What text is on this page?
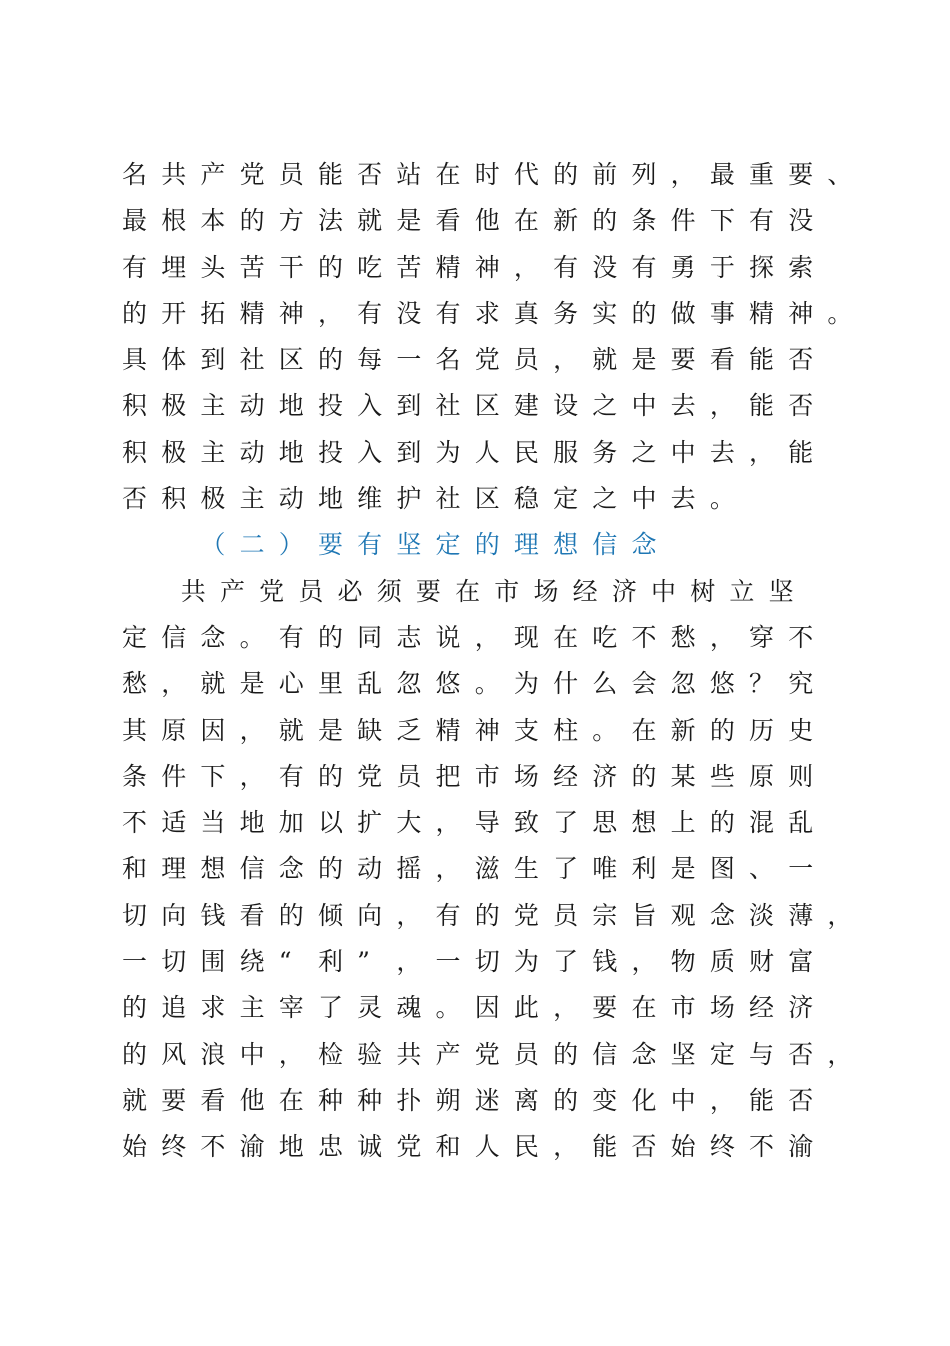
名 共 产 党 员 能 否 站 在 时 代 的 前 列 ， 最 重 要 、
最 根 本 的 方 法 就 是 看 他 在 新 的 条 件 下 有 没
有 埋 头 苦 干 的 吃 苦 精 神 ， 有 没 有 勇 于 探 索
的 开 拓 精 神 ， 有 没 有 求 真 务 实 的 做 事 精 神 。
具 体 到 社 区 的 每 一 名 党 员 ， 就 是 要 看 能 否
积 极 主 动 地 投 入 到 社 区 建 设 之 中 去 ， 能 否
积 极 主 动 地 投 入 到 为 人 民 服 务 之 中 去 ， 能
否 积 极 主 动 地 维 护 社 区 稳 定 之 中 去 。
（ 二 ） 要 有 坚 定 的 理 想 信 念
共 产 党 员 必 须 要 在 市 场 经 济 中 树 立 坚
定 信 念 。 有 的 同 志 说 ， 现 在 吃 不 愁 ， 穿 不
愁 ， 就 是 心 里 乱 忽 悠 。 为 什 么 会 忽 悠 ？ 究
其 原 因 ， 就 是 缺 乏 精 神 支 柱 。 在 新 的 历 史
条 件 下 ， 有 的 党 员 把 市 场 经 济 的 某 些 原 则
不 适 当 地 加 以 扩 大 ， 导 致 了 思 想 上 的 混 乱
和 理 想 信 念 的 动 摇 ， 滋 生 了 唯 利 是 图 、 一
切 向 钱 看 的 倾 向 ， 有 的 党 员 宗 旨 观 念 淡 薄 ，
一 切 围 绕 “ 利 ” ， 一 切 为 了 钱 ， 物 质 财 富
的 追 求 主 宰 了 灵 魂 。 因 此 ， 要 在 市 场 经 济
的 风 浪 中 ， 检 验 共 产 党 员 的 信 念 坚 定 与 否 ，
就 要 看 他 在 种 种 扑 朔 迷 离 的 变 化 中 ， 能 否
始 终 不 渝 地 忠 诚 党 和 人 民 ， 能 否 始 终 不 渝
